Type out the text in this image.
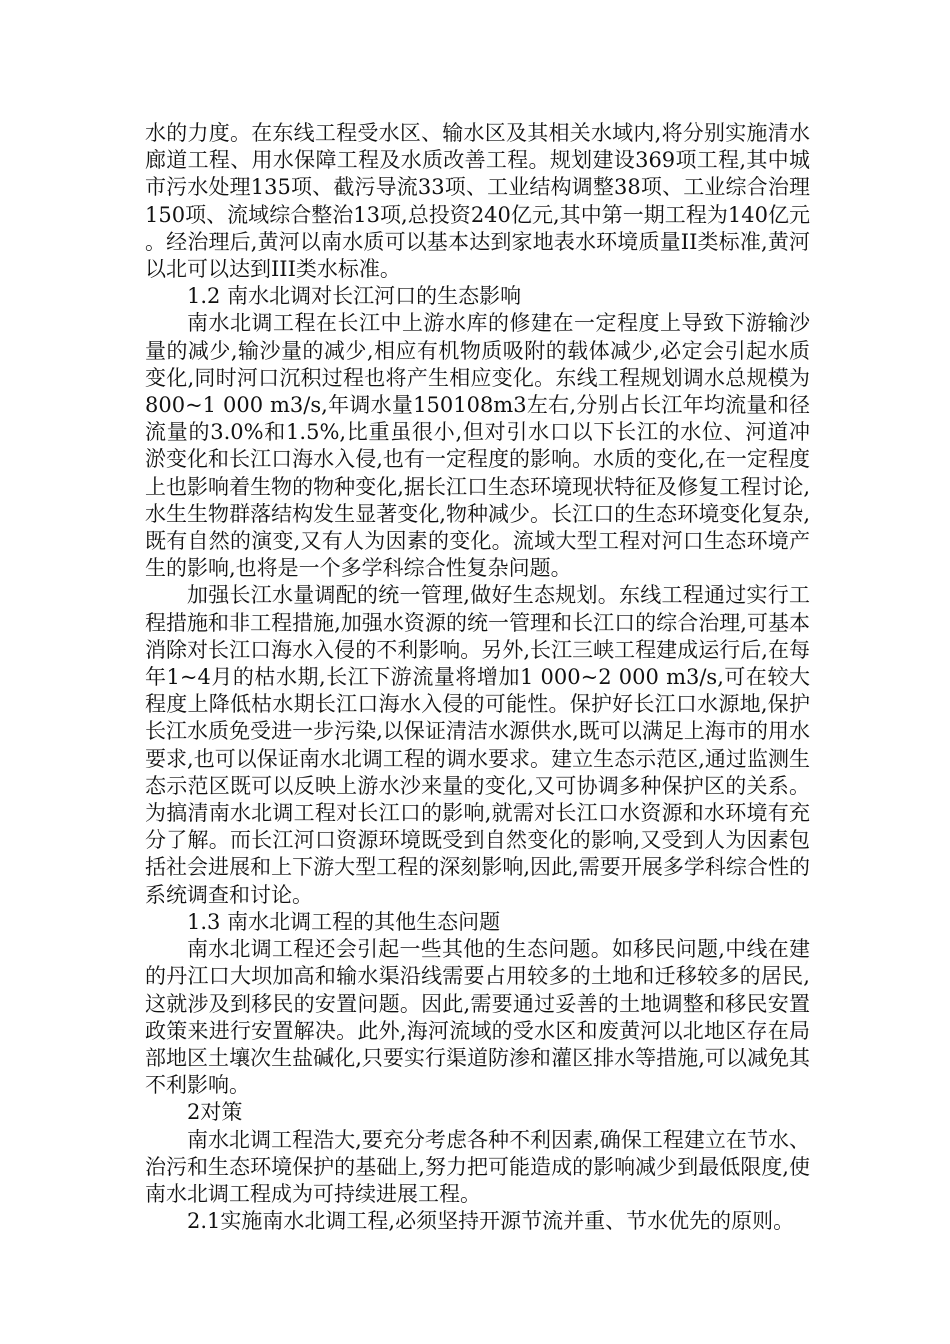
水的力度。在东线工程受水区、输水区及其相关水域内,将分别实施清水廊道工程、用水保障工程及水质改善工程。规划建设369项工程,其中城市污水处理135项、截污导流33项、工业结构调整38项、工业综合治理150项、流域综合整治13项,总投资240亿元,其中第一期工程为140亿元。经治理后,黄河以南水质可以基本达到家地表水环境质量II类标准,黄河以北可以达到III类水标准。

1.2 南水北调对长江河口的生态影响

南水北调工程在长江中上游水库的修建在一定程度上导致下游输沙量的减少,输沙量的减少,相应有机物质吸附的载体减少,必定会引起水质变化,同时河口沉积过程也将产生相应变化。东线工程规划调水总规模为800~1 000 m3/s,年调水量150108m3左右,分别占长江年均流量和径流量的3.0%和1.5%,比重虽很小,但对引水口以下长江的水位、河道冲淤变化和长江口海水入侵,也有一定程度的影响。水质的变化,在一定程度上也影响着生物的物种变化,据长江口生态环境现状特征及修复工程讨论,水生生物群落结构发生显著变化,物种减少。长江口的生态环境变化复杂,既有自然的演变,又有人为因素的变化。流域大型工程对河口生态环境产生的影响,也将是一个多学科综合性复杂问题。

加强长江水量调配的统一管理,做好生态规划。东线工程通过实行工程措施和非工程措施,加强水资源的统一管理和长江口的综合治理,可基本消除对长江口海水入侵的不利影响。另外,长江三峡工程建成运行后,在每年1~4月的枯水期,长江下游流量将增加1 000~2 000 m3/s,可在较大程度上降低枯水期长江口海水入侵的可能性。保护好长江口水源地,保护长江水质免受进一步污染,以保证清洁水源供水,既可以满足上海市的用水要求,也可以保证南水北调工程的调水要求。建立生态示范区,通过监测生态示范区既可以反映上游水沙来量的变化,又可协调多种保护区的关系。为搞清南水北调工程对长江口的影响,就需对长江口水资源和水环境有充分了解。而长江河口资源环境既受到自然变化的影响,又受到人为因素包括社会进展和上下游大型工程的深刻影响,因此,需要开展多学科综合性的系统调查和讨论。

1.3 南水北调工程的其他生态问题

南水北调工程还会引起一些其他的生态问题。如移民问题,中线在建的丹江口大坝加高和输水渠沿线需要占用较多的土地和迁移较多的居民,这就涉及到移民的安置问题。因此,需要通过妥善的土地调整和移民安置政策来进行安置解决。此外,海河流域的受水区和废黄河以北地区存在局部地区土壤次生盐碱化,只要实行渠道防渗和灌区排水等措施,可以减免其不利影响。

2对策

南水北调工程浩大,要充分考虑各种不利因素,确保工程建立在节水、治污和生态环境保护的基础上,努力把可能造成的影响减少到最低限度,使南水北调工程成为可持续进展工程。

2.1实施南水北调工程,必须坚持开源节流并重、节水优先的原则。
